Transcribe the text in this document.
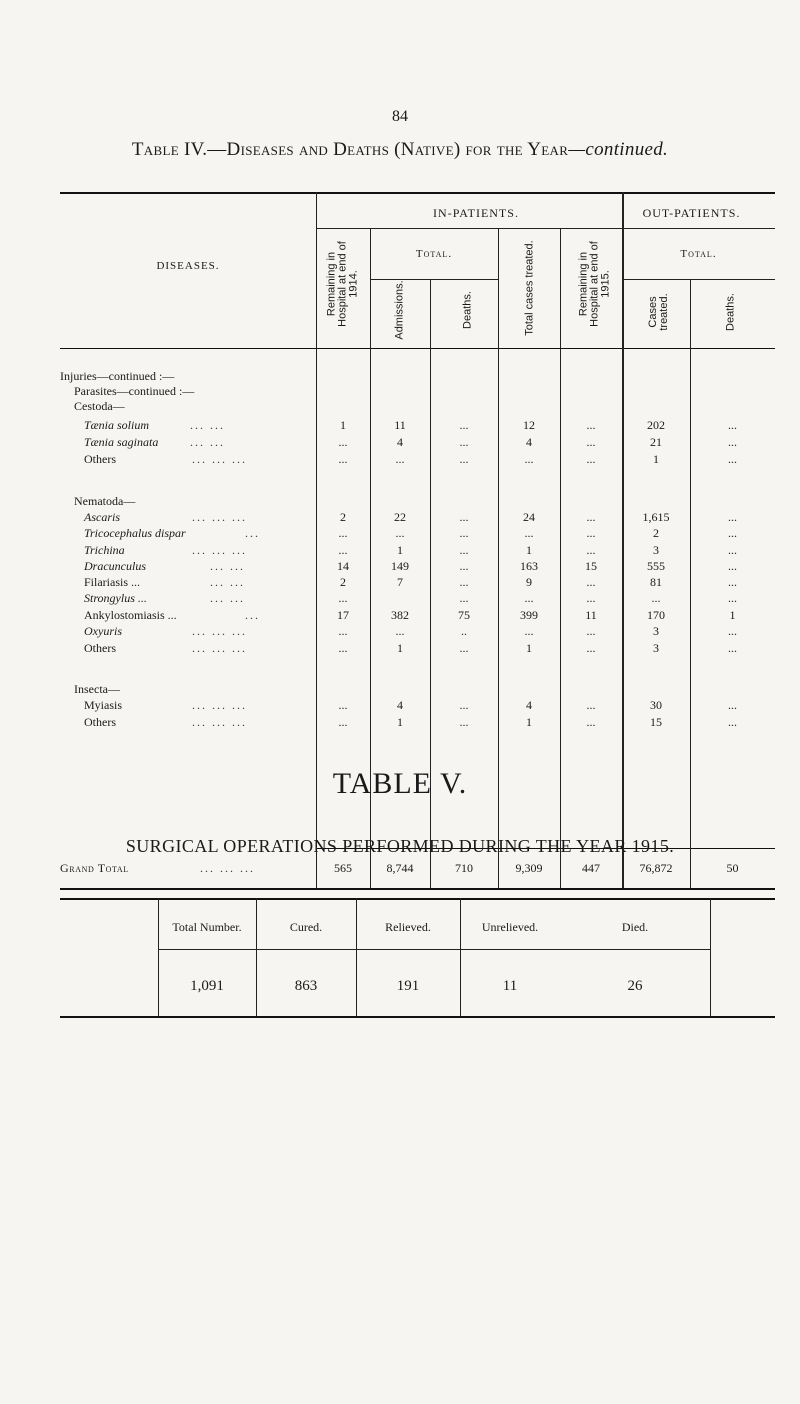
84
Table IV.—Diseases and Deaths (Native) for the Year—continued.
IN-PATIENTS.	OUT-PATIENTS.
DISEASES.
Total.	Total.
Remaining in
Hospital at end of
1914.	Admissions.	Deaths.	Total cases treated.	Remaining in
Hospital at end of
1915.
Cases
treated.	Deaths.
Injuries—continued :—
Parasites—continued :—
Cestoda—
Tænia solium	... ...	1	11	...	12	...	202	...
Tænia saginata	... ...	...	4	...	4	...	21	...
Others	... ... ...	...	...	...	...	...	1	...
Nematoda—
Ascaris	... ... ...	2	22	...	24	...	1,615	...
Tricocephalus dispar	...	...	...	...	...	...	2	...
Trichina	... ... ...	...	1	...	1	...	3	...
Dracunculus	... ...	14	149	...	163	15	555	...
Filariasis ...	... ...	2	7	...	9	...	81	...
Strongylus ...	... ...	...	...	...	...	...	...
Ankylostomiasis ...	...	17	382	75	399	11	170	1
Oxyuris	... ... ...	...	...	..	...	...	3	...
Others	... ... ...	...	1	...	1	...	3	...
Insecta—
Myiasis	... ... ...	...	4	...	4	...	30	...
Others	... ... ...	...	1	...	1	...	15	...
Grand Total	... ... ...	565	8,744	710	9,309	447	76,872	50
TABLE V.
SURGICAL OPERATIONS PERFORMED DURING THE YEAR 1915.
Total Number.	Cured.	Relieved.	Unrelieved.	Died.
1,091	863	191	11	26
